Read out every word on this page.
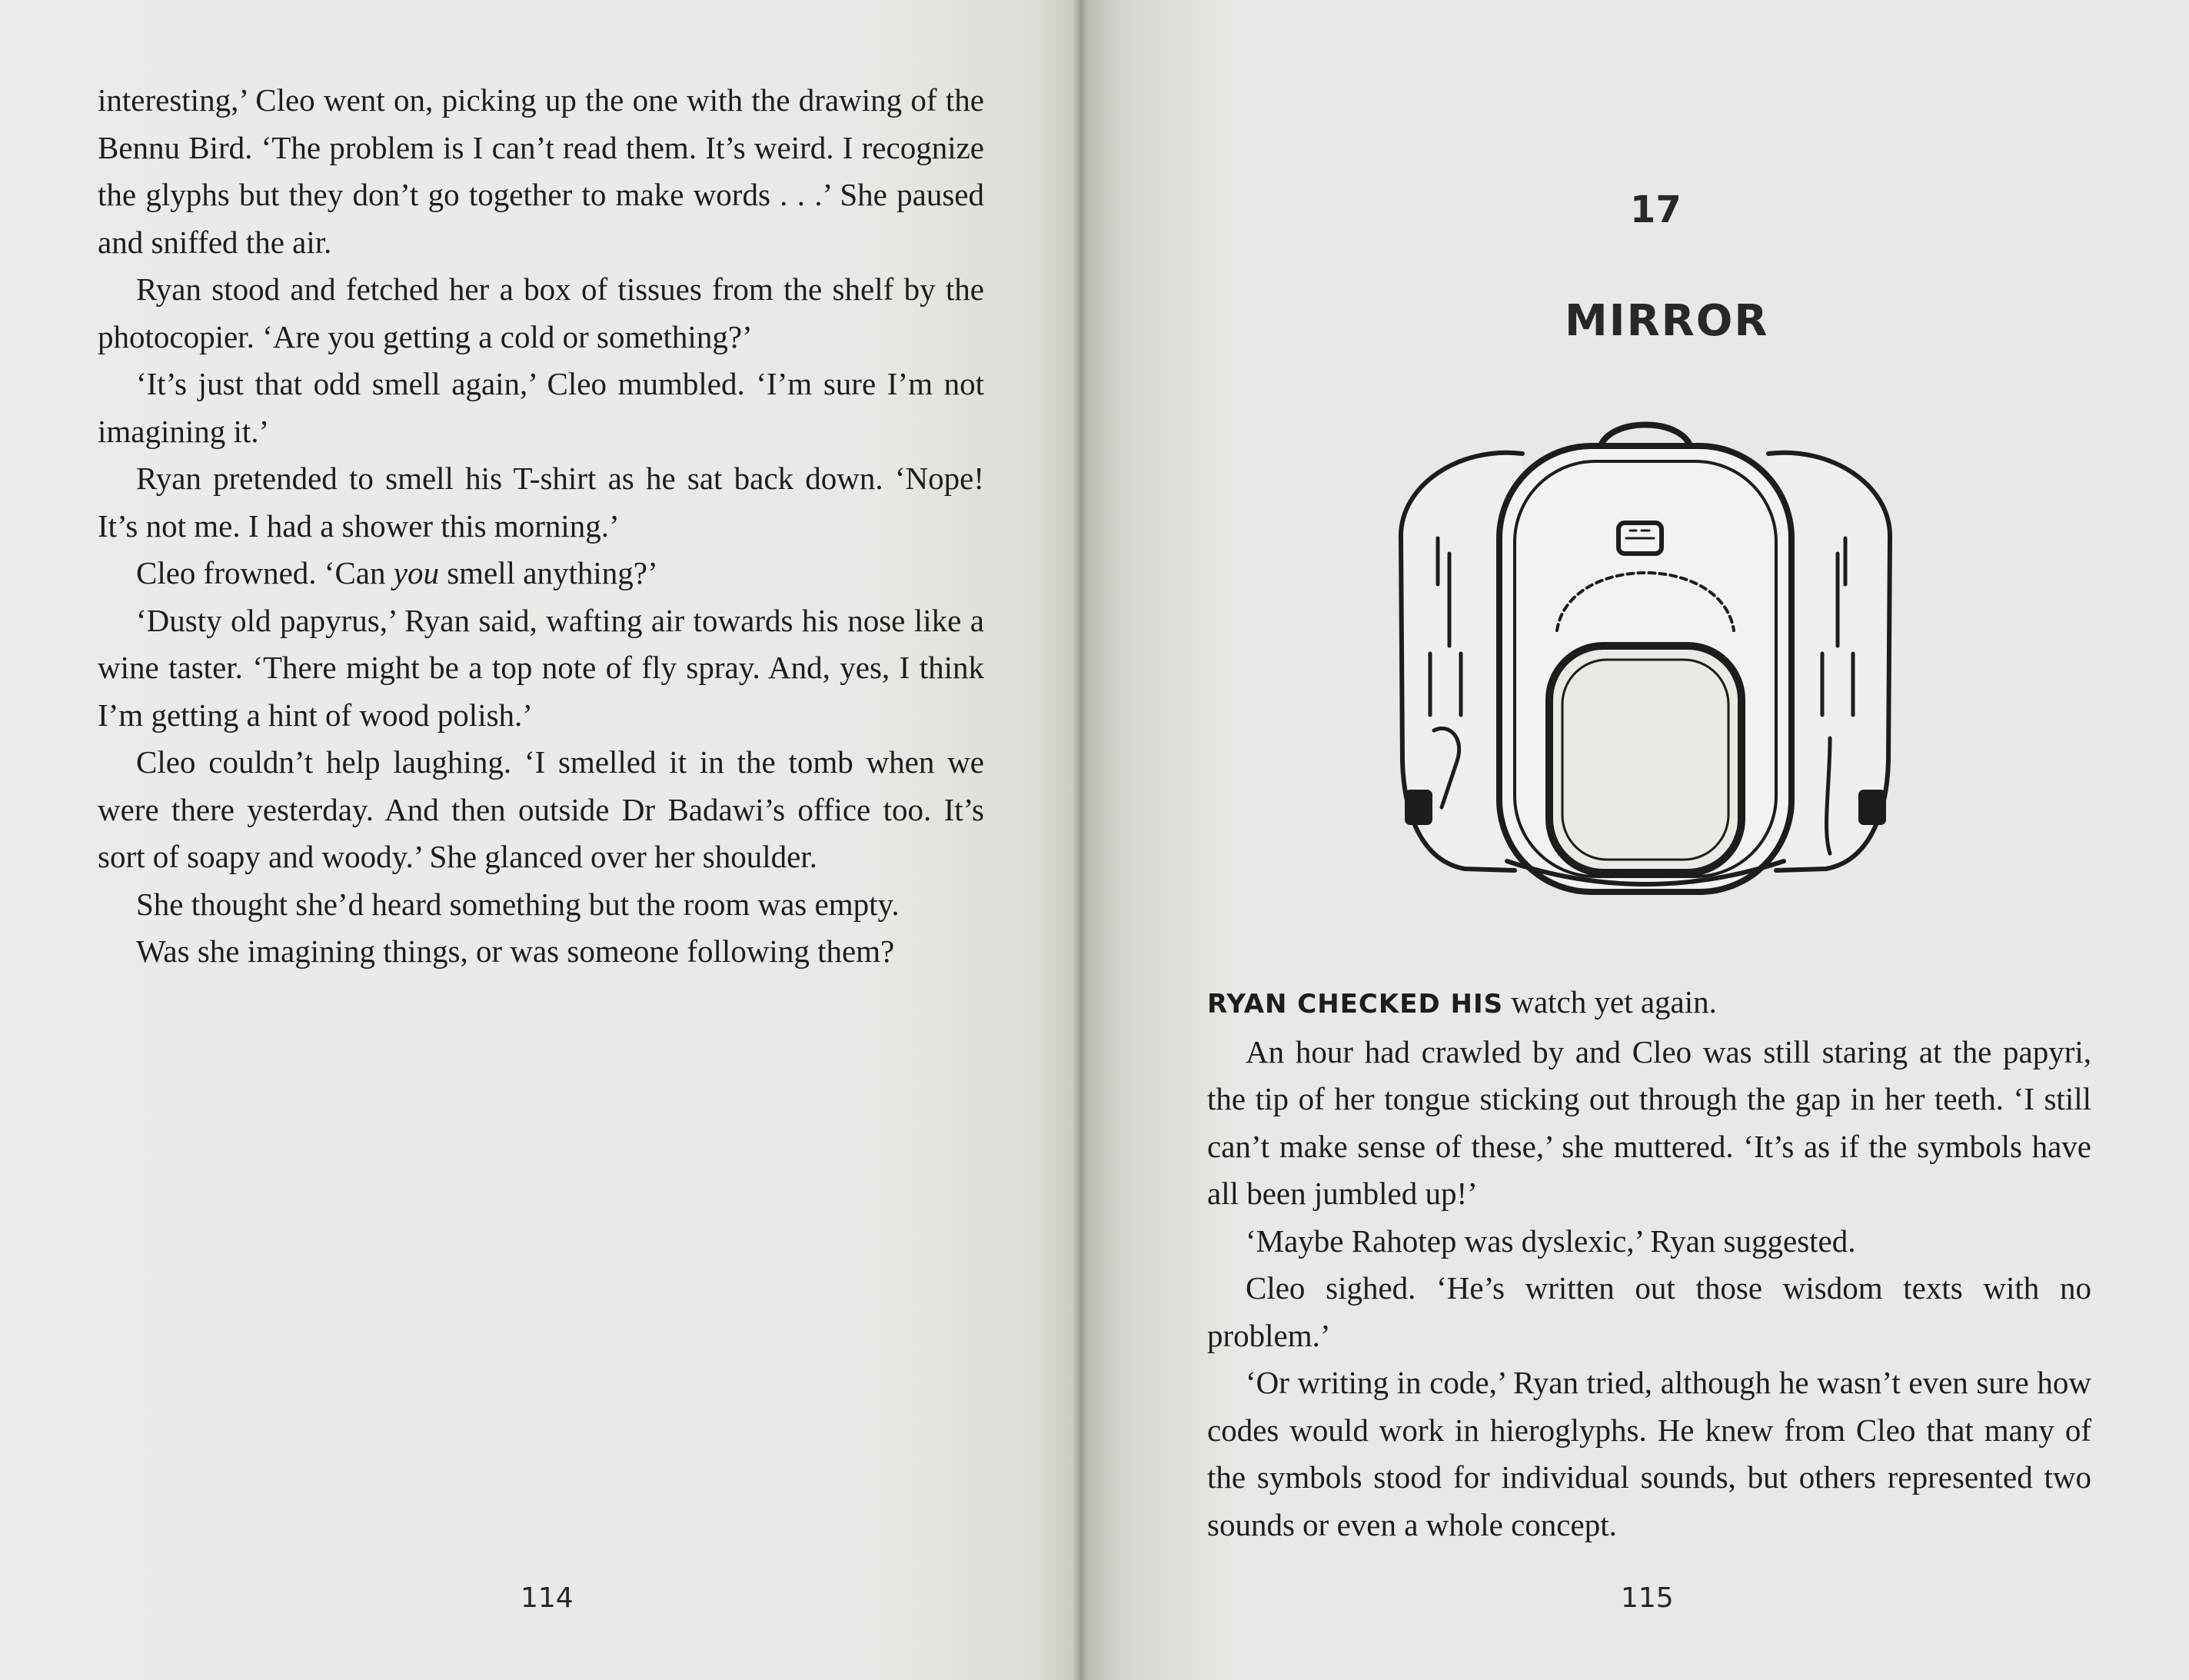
interesting,’ Cleo went on, picking up the one with the drawing of the Bennu Bird. ‘The problem is I can’t read them. It’s weird. I recognize the glyphs but they don’t go together to make words . . .’ She paused and sniffed the air.

Ryan stood and fetched her a box of tissues from the shelf by the photocopier. ‘Are you getting a cold or something?’

‘It’s just that odd smell again,’ Cleo mumbled. ‘I’m sure I’m not imagining it.’

Ryan pretended to smell his T-shirt as he sat back down. ‘Nope! It’s not me. I had a shower this morning.’

Cleo frowned. ‘Can you smell anything?’

‘Dusty old papyrus,’ Ryan said, wafting air towards his nose like a wine taster. ‘There might be a top note of fly spray. And, yes, I think I’m getting a hint of wood polish.’

Cleo couldn’t help laughing. ‘I smelled it in the tomb when we were there yesterday. And then outside Dr Badawi’s office too. It’s sort of soapy and woody.’ She glanced over her shoulder.

She thought she’d heard something but the room was empty.

Was she imagining things, or was someone following them?

114
17
MIRROR

RYAN CHECKED HIS watch yet again.

An hour had crawled by and Cleo was still staring at the papyri, the tip of her tongue sticking out through the gap in her teeth. ‘I still can’t make sense of these,’ she muttered. ‘It’s as if the symbols have all been jumbled up!’

‘Maybe Rahotep was dyslexic,’ Ryan suggested.

Cleo sighed. ‘He’s written out those wisdom texts with no problem.’

‘Or writing in code,’ Ryan tried, although he wasn’t even sure how codes would work in hieroglyphs. He knew from Cleo that many of the symbols stood for individual sounds, but others represented two sounds or even a whole concept.

115
